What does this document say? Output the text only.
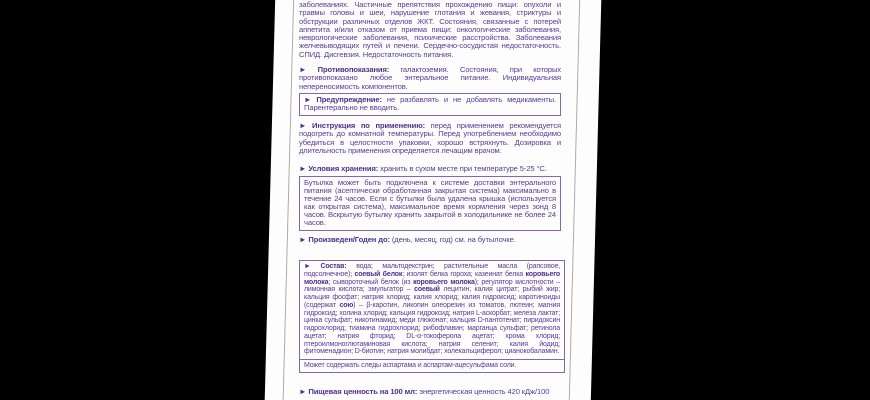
заболеваниях. Частичные препятствия прохождению пищи: опухоли и травмы головы и шеи, нарушение глотания и жевания, стриктуры и обструкции различных отделов ЖКТ. Состояния, связанные с потерей аппетита и/или отказом от приема пищи: онкологические заболевания, неврологические заболевания, психические расстройства. Заболевания желчевыводящих путей и печени. Сердечно-сосудистая недостаточность. СПИД. Дисгевзия. Недостаточность питания.

► Противопоказания: галактоземия. Состояния, при которых противопоказано любое энтеральное питание. Индивидуальная непереносимость компонентов.

► Предупреждение: не разбавлять и не добавлять медикаменты. Парентерально не вводить.

► Инструкция по применению: перед применением рекомендуется подогреть до комнатной температуры. Перед употреблением необходимо убедиться в целостности упаковки, хорошо встряхнуть. Дозировка и длительность применения определяется лечащим врачом.

► Условия хранения: хранить в сухом месте при температуре 5-25 °С.

Бутылка может быть подключена к системе доставки энтерального питания (асептически обработанная закрытая система) максимально в течение 24 часов. Если с бутылки была удалена крышка (используется как открытая система), максимальное время кормления через зонд 8 часов. Вскрытую бутылку хранить закрытой в холодильнике не более 24 часов.

► Произведен/Годен до: (день, месяц, год) см. на бутылочке.

► Состав: вода; мальтодекстрин; растительные масла (рапсовое, подсолнечное); соевый белок; изолят белка гороха; казеинат белка коровьего молока; сывороточный белок (из коровьего молока); регулятор кислотности – лимонная кислота; эмульгатор – соевый лецитин; калия цитрат; рыбий жир; кальция фосфат; натрия хлорид; калия хлорид; калия гидроксид; каротиноиды (содержат сою) – β-каротин, ликопин олеорезин из томатов, лютеин; магния гидроксид; холина хлорид; кальция гидроксид; натрия L-аскорбат; железа лактат; цинка сульфат; никотинамид; меди глюконат; кальция D-пантотенат; пиридоксин гидрохлорид; тиамина гидрохлорид; рибофлавин; марганца сульфат; ретинола ацетат; натрия фторид; DL-α-токоферола ацетат; хрома хлорид; птероилмоноглютаминовая кислота; натрия селенит; калия йодид; фитоменадион; D-биотин; натрия молибдат; холекальциферол; цианокобаламин.
Может содержать следы аспартама и аспартам-ацесульфама соли.

► Пищевая ценность на 100 мл: энергетическая ценность 420 кДж/100
